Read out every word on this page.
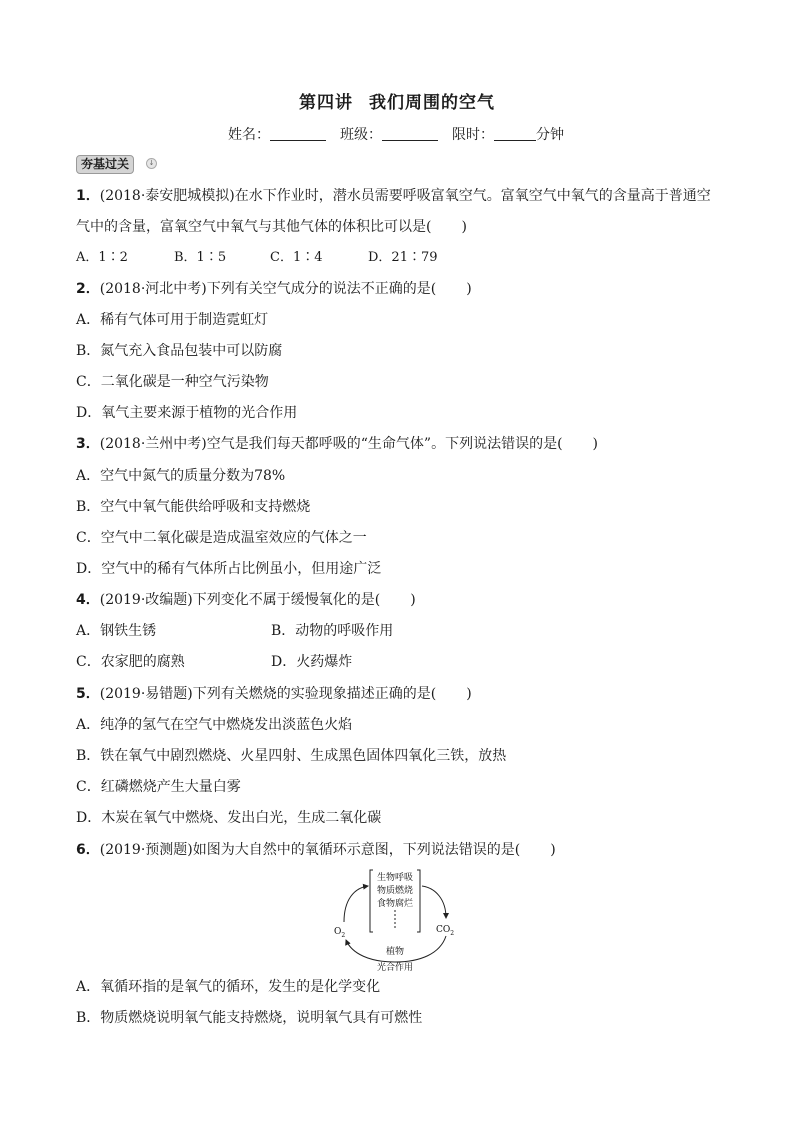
第四讲 我们周围的空气
姓名：	班级：	限时：	分钟
夯基过关	↓
1．(2018·泰安肥城模拟)在水下作业时，潜水员需要呼吸富氧空气。富氧空气中氧气的含量高于普通空
气中的含量，富氧空气中氧气与其他气体的体积比可以是( )
A．1∶2	B．1∶5	C．1∶4	D．21∶79
2．(2018·河北中考)下列有关空气成分的说法不正确的是( )
A．稀有气体可用于制造霓虹灯
B．氮气充入食品包装中可以防腐
C．二氧化碳是一种空气污染物
D．氧气主要来源于植物的光合作用
3．(2018·兰州中考)空气是我们每天都呼吸的“生命气体”。下列说法错误的是( )
A．空气中氮气的质量分数为78%
B．空气中氧气能供给呼吸和支持燃烧
C．空气中二氧化碳是造成温室效应的气体之一
D．空气中的稀有气体所占比例虽小，但用途广泛
4．(2019·改编题)下列变化不属于缓慢氧化的是( )
A．钢铁生锈	B．动物的呼吸作用
C．农家肥的腐熟	D．火药爆炸
5．(2019·易错题)下列有关燃烧的实验现象描述正确的是( )
A．纯净的氢气在空气中燃烧发出淡蓝色火焰
B．铁在氧气中剧烈燃烧、火星四射、生成黑色固体四氧化三铁，放热
C．红磷燃烧产生大量白雾
D．木炭在氧气中燃烧、发出白光，生成二氧化碳
6．(2019·预测题)如图为大自然中的氧循环示意图，下列说法错误的是( )
生物呼吸
物质燃烧
食物腐烂
$O_2$
$CO_2$
植物
光合作用
A．氧循环指的是氧气的循环，发生的是化学变化
B．物质燃烧说明氧气能支持燃烧，说明氧气具有可燃性
